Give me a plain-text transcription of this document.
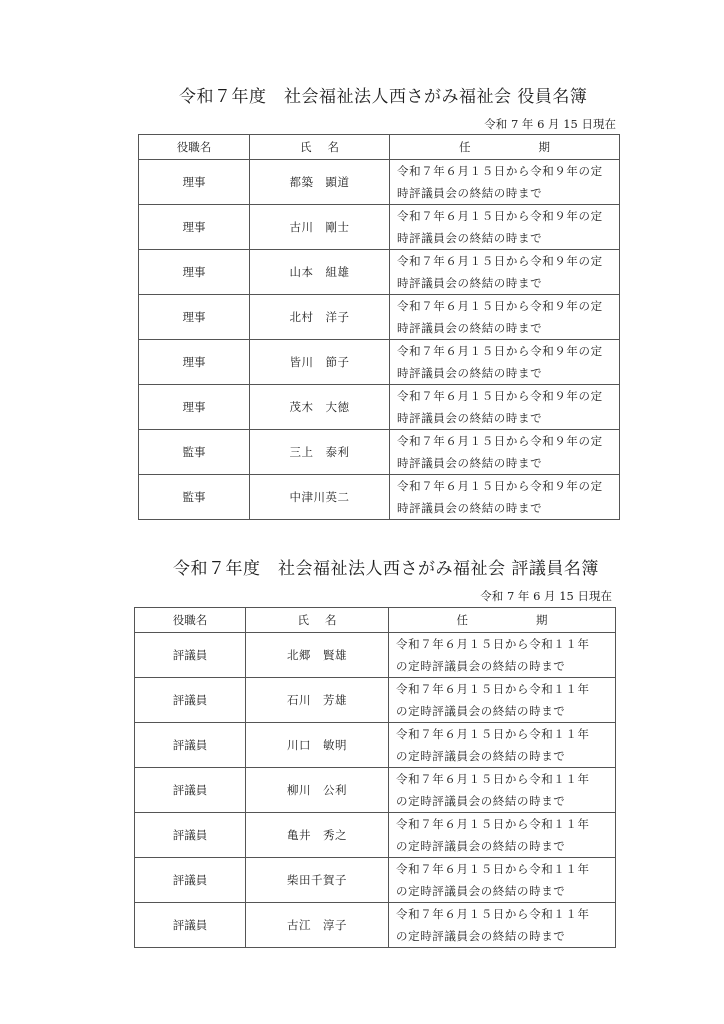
令和７年度　社会福祉法人西さがみ福祉会 役員名簿
令和 7 年 6 月 15 日現在
役職名	氏 名	任 期
理事	都築　顕道	令和７年６月１５日から令和９年の定
時評議員会の終結の時まで

理事	古川　剛士	令和７年６月１５日から令和９年の定
時評議員会の終結の時まで

理事	山本　組雄	令和７年６月１５日から令和９年の定
時評議員会の終結の時まで

理事	北村　洋子	令和７年６月１５日から令和９年の定
時評議員会の終結の時まで

理事	皆川　節子	令和７年６月１５日から令和９年の定
時評議員会の終結の時まで

理事	茂木　大徳	令和７年６月１５日から令和９年の定
時評議員会の終結の時まで

監事	三上　泰利	令和７年６月１５日から令和９年の定
時評議員会の終結の時まで

監事	中津川英二	令和７年６月１５日から令和９年の定
時評議員会の終結の時まで
令和７年度　社会福祉法人西さがみ福祉会 評議員名簿
令和 7 年 6 月 15 日現在
役職名	氏 名	任 期
評議員	北郷　賢雄	令和７年６月１５日から令和１１年
の定時評議員会の終結の時まで

評議員	石川　芳雄	令和７年６月１５日から令和１１年
の定時評議員会の終結の時まで

評議員	川口　敏明	令和７年６月１５日から令和１１年
の定時評議員会の終結の時まで

評議員	柳川　公利	令和７年６月１５日から令和１１年
の定時評議員会の終結の時まで

評議員	亀井　秀之	令和７年６月１５日から令和１１年
の定時評議員会の終結の時まで

評議員	柴田千賀子	令和７年６月１５日から令和１１年
の定時評議員会の終結の時まで

評議員	古江　淳子	令和７年６月１５日から令和１１年
の定時評議員会の終結の時まで
